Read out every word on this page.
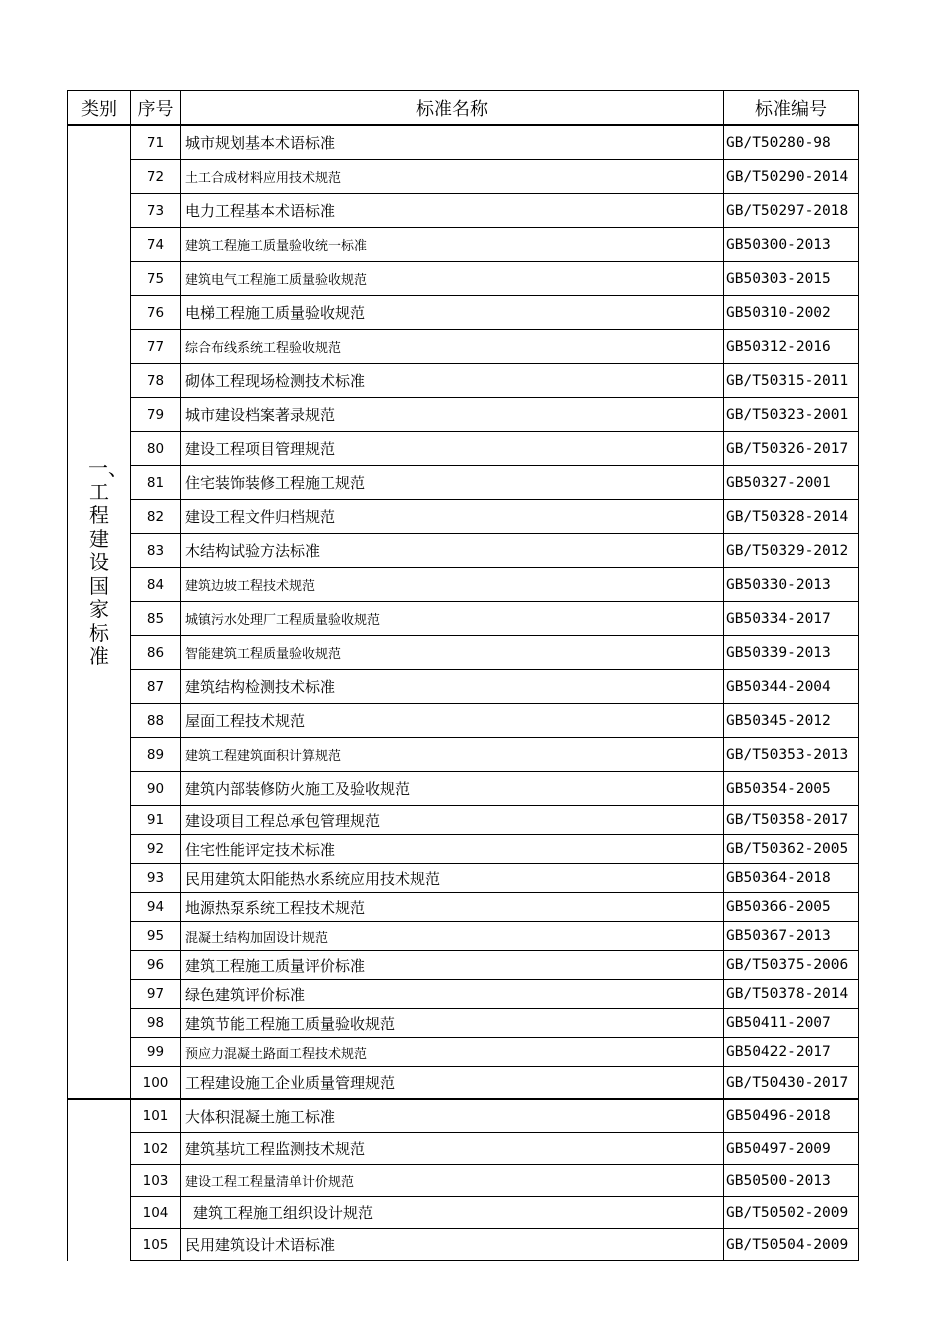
类别	序号	标准名称	标准编号

一、工程建设国家标准	71	城市规划基本术语标准	GB/T50280-98
	72	土工合成材料应用技术规范	GB/T50290-2014
	73	电力工程基本术语标准	GB/T50297-2018
	74	建筑工程施工质量验收统一标准	GB50300-2013
	75	建筑电气工程施工质量验收规范	GB50303-2015
	76	电梯工程施工质量验收规范	GB50310-2002
	77	综合布线系统工程验收规范	GB50312-2016
	78	砌体工程现场检测技术标准	GB/T50315-2011
	79	城市建设档案著录规范	GB/T50323-2001
	80	建设工程项目管理规范	GB/T50326-2017
	81	住宅装饰装修工程施工规范	GB50327-2001
	82	建设工程文件归档规范	GB/T50328-2014
	83	木结构试验方法标准	GB/T50329-2012
	84	建筑边坡工程技术规范	GB50330-2013
	85	城镇污水处理厂工程质量验收规范	GB50334-2017
	86	智能建筑工程质量验收规范	GB50339-2013
	87	建筑结构检测技术标准	GB50344-2004
	88	屋面工程技术规范	GB50345-2012
	89	建筑工程建筑面积计算规范	GB/T50353-2013
	90	建筑内部装修防火施工及验收规范	GB50354-2005
	91	建设项目工程总承包管理规范	GB/T50358-2017
	92	住宅性能评定技术标准	GB/T50362-2005
	93	民用建筑太阳能热水系统应用技术规范	GB50364-2018
	94	地源热泵系统工程技术规范	GB50366-2005
	95	混凝土结构加固设计规范	GB50367-2013
	96	建筑工程施工质量评价标准	GB/T50375-2006
	97	绿色建筑评价标准	GB/T50378-2014
	98	建筑节能工程施工质量验收规范	GB50411-2007
	99	预应力混凝土路面工程技术规范	GB50422-2017
	100	工程建设施工企业质量管理规范	GB/T50430-2017
	101	大体积混凝土施工标准	GB50496-2018
	102	建筑基坑工程监测技术规范	GB50497-2009
	103	建设工程工程量清单计价规范	GB50500-2013
	104	建筑工程施工组织设计规范	GB/T50502-2009
	105	民用建筑设计术语标准	GB/T50504-2009
